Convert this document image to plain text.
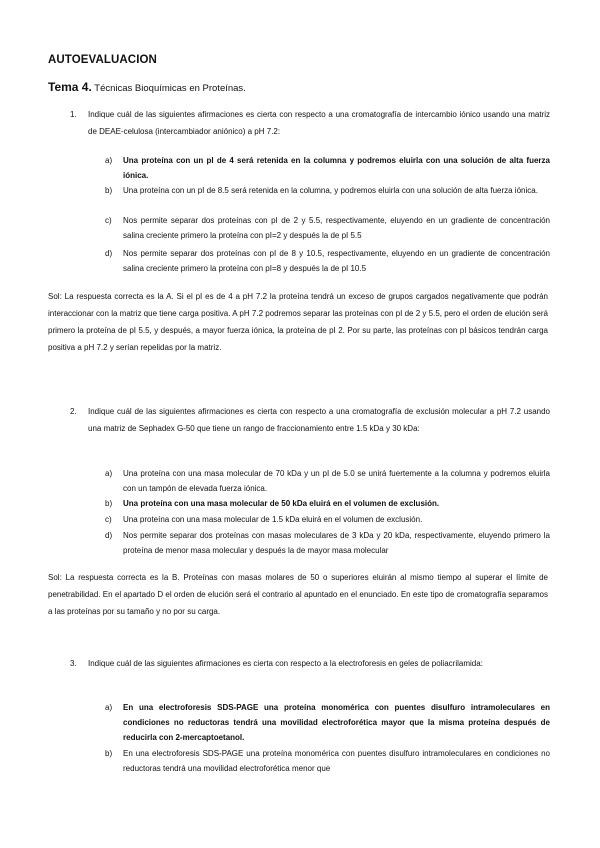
AUTOEVALUACION
Tema 4. Técnicas Bioquímicas en Proteínas.
1. Indique cuál de las siguientes afirmaciones es cierta con respecto a una cromatografía de intercambio iónico usando una matriz de DEAE-celulosa (intercambiador aniónico) a pH 7.2:
a) Una proteína con un pI de 4 será retenida en la columna y podremos eluirla con una solución de alta fuerza iónica.
b) Una proteína con un pI de 8.5 será retenida en la columna, y podremos eluirla con una solución de alta fuerza iónica.
c) Nos permite separar dos proteínas con pI de 2 y 5.5, respectivamente, eluyendo en un gradiente de concentración salina creciente primero la proteína con pI=2 y después la de pI 5.5
d) Nos permite separar dos proteínas con pI de 8 y 10.5, respectivamente, eluyendo en un gradiente de concentración salina creciente primero la proteína con pI=8 y después la de pI 10.5
Sol: La respuesta correcta es la A. Si el pI es de 4 a pH 7.2 la proteína tendrá un exceso de grupos cargados negativamente que podrán interaccionar con la matriz que tiene carga positiva. A pH 7.2 podremos separar las proteínas con pI de 2 y 5.5, pero el orden de elución será primero la proteína de pI 5.5, y después, a mayor fuerza iónica, la proteína de pI 2. Por su parte, las proteínas con pI básicos tendrán carga positiva a pH 7.2 y serían repelidas por la matriz.
2. Indique cuál de las siguientes afirmaciones es cierta con respecto a una cromatografía de exclusión molecular a pH 7.2 usando una matriz de Sephadex G-50 que tiene un rango de fraccionamiento entre 1.5 kDa y 30 kDa:
a) Una proteína con una masa molecular de 70 kDa y un pI de 5.0 se unirá fuertemente a la columna y podremos eluirla con un tampón de elevada fuerza iónica.
b) Una proteína con una masa molecular de 50 kDa eluirá en el volumen de exclusión.
c) Una proteína con una masa molecular de 1.5 kDa eluirá en el volumen de exclusión.
d) Nos permite separar dos proteínas con masas moleculares de 3 kDa y 20 kDa, respectivamente, eluyendo primero la proteína de menor masa molecular y después la de mayor masa molecular
Sol: La respuesta correcta es la B. Proteínas con masas molares de 50 o superiores eluirán al mismo tiempo al superar el límite de penetrabilidad. En el apartado D el orden de elución será el contrario al apuntado en el enunciado. En este tipo de cromatografía separamos a las proteínas por su tamaño y no por su carga.
3. Indique cuál de las siguientes afirmaciones es cierta con respecto a la electroforesis en geles de poliacrilamida:
a) En una electroforesis SDS-PAGE una proteína monomérica con puentes disulfuro intramoleculares en condiciones no reductoras tendrá una movilidad electroforética mayor que la misma proteína después de reducirla con 2-mercaptoetanol.
b) En una electroforesis SDS-PAGE una proteína monomérica con puentes disulfuro intramoleculares en condiciones no reductoras tendrá una movilidad electroforética menor que
